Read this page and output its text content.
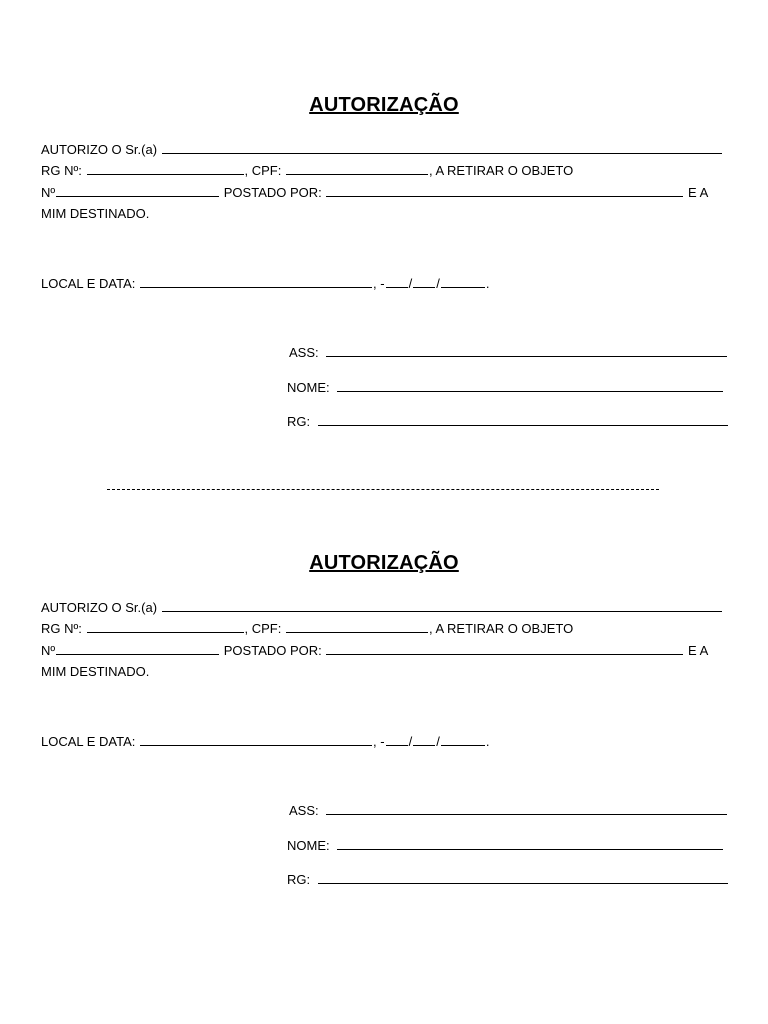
AUTORIZAÇÃO
AUTORIZO O Sr.(a)
RG Nº:	, CPF:	, A RETIRAR O OBJETO
Nº	POSTADO POR:	E A
MIM DESTINADO.
LOCAL E DATA:	, - / /	.
ASS:
NOME:
RG:
AUTORIZAÇÃO
AUTORIZO O Sr.(a)
RG Nº:	, CPF:	, A RETIRAR O OBJETO
Nº	POSTADO POR:	E A
MIM DESTINADO.
LOCAL E DATA:	, - / /	.
ASS:
NOME:
RG:
